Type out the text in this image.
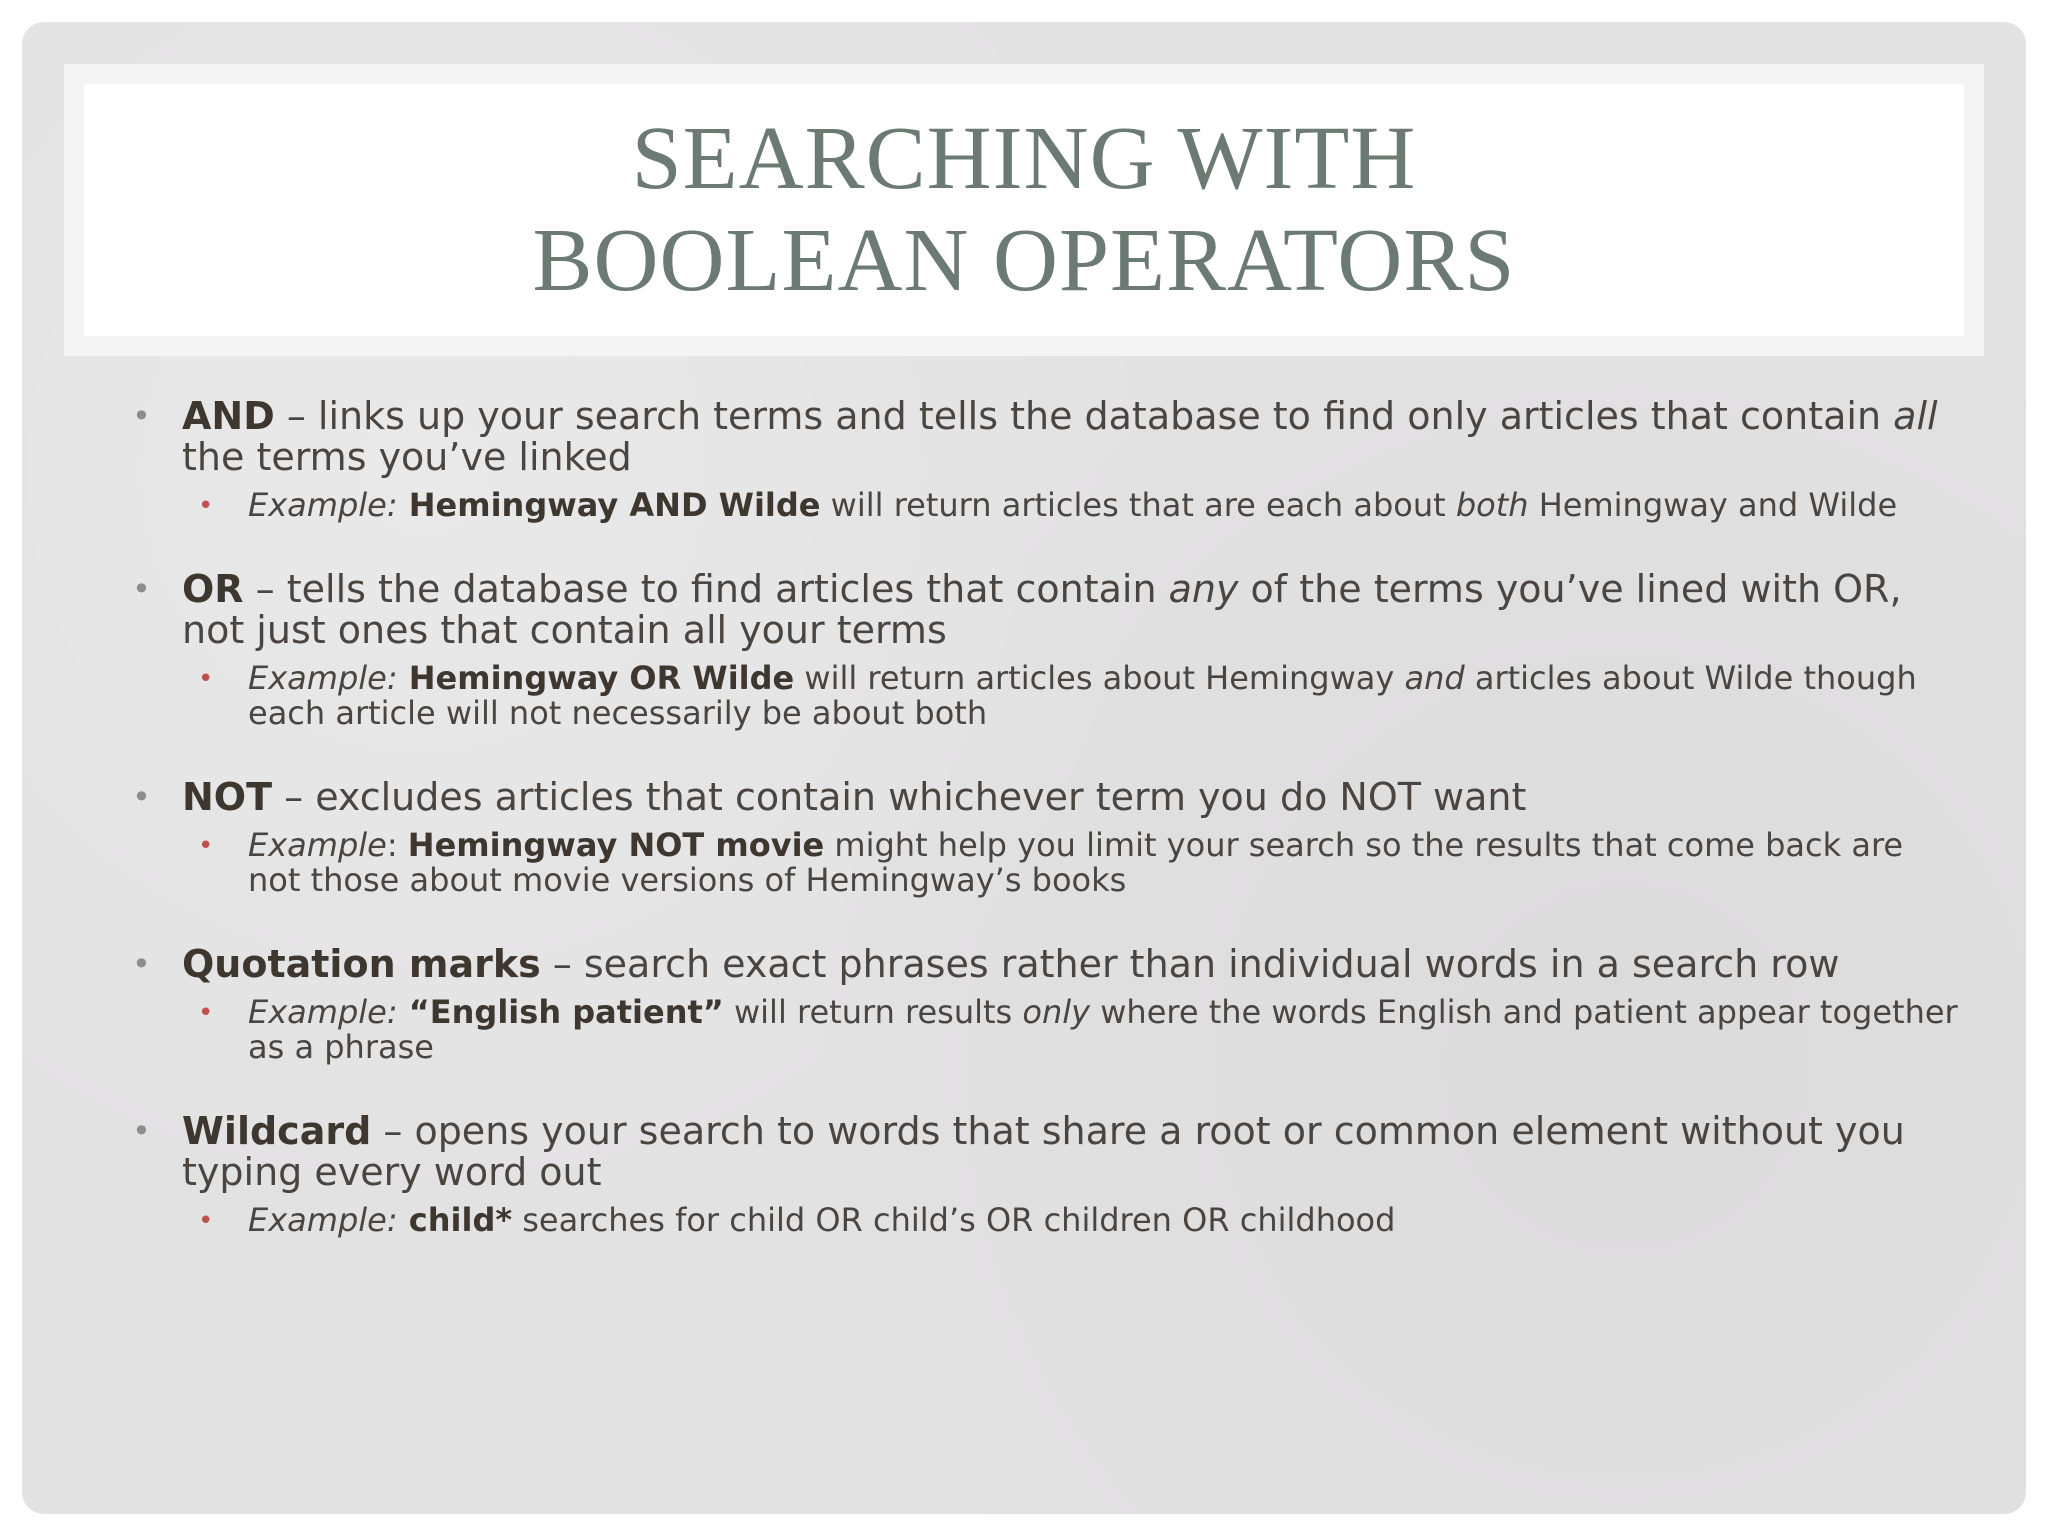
SEARCHING WITH
BOOLEAN OPERATORS
• AND – links up your search terms and tells the database to find only articles that contain all the terms you’ve linked
• Example: Hemingway AND Wilde will return articles that are each about both Hemingway and Wilde
• OR – tells the database to find articles that contain any of the terms you’ve lined with OR, not just ones that contain all your terms
• Example: Hemingway OR Wilde will return articles about Hemingway and articles about Wilde though each article will not necessarily be about both
• NOT – excludes articles that contain whichever term you do NOT want
• Example: Hemingway NOT movie might help you limit your search so the results that come back are not those about movie versions of Hemingway’s books
• Quotation marks – search exact phrases rather than individual words in a search row
• Example: “English patient” will return results only where the words English and patient appear together as a phrase
• Wildcard – opens your search to words that share a root or common element without you typing every word out
• Example: child* searches for child OR child’s OR children OR childhood
